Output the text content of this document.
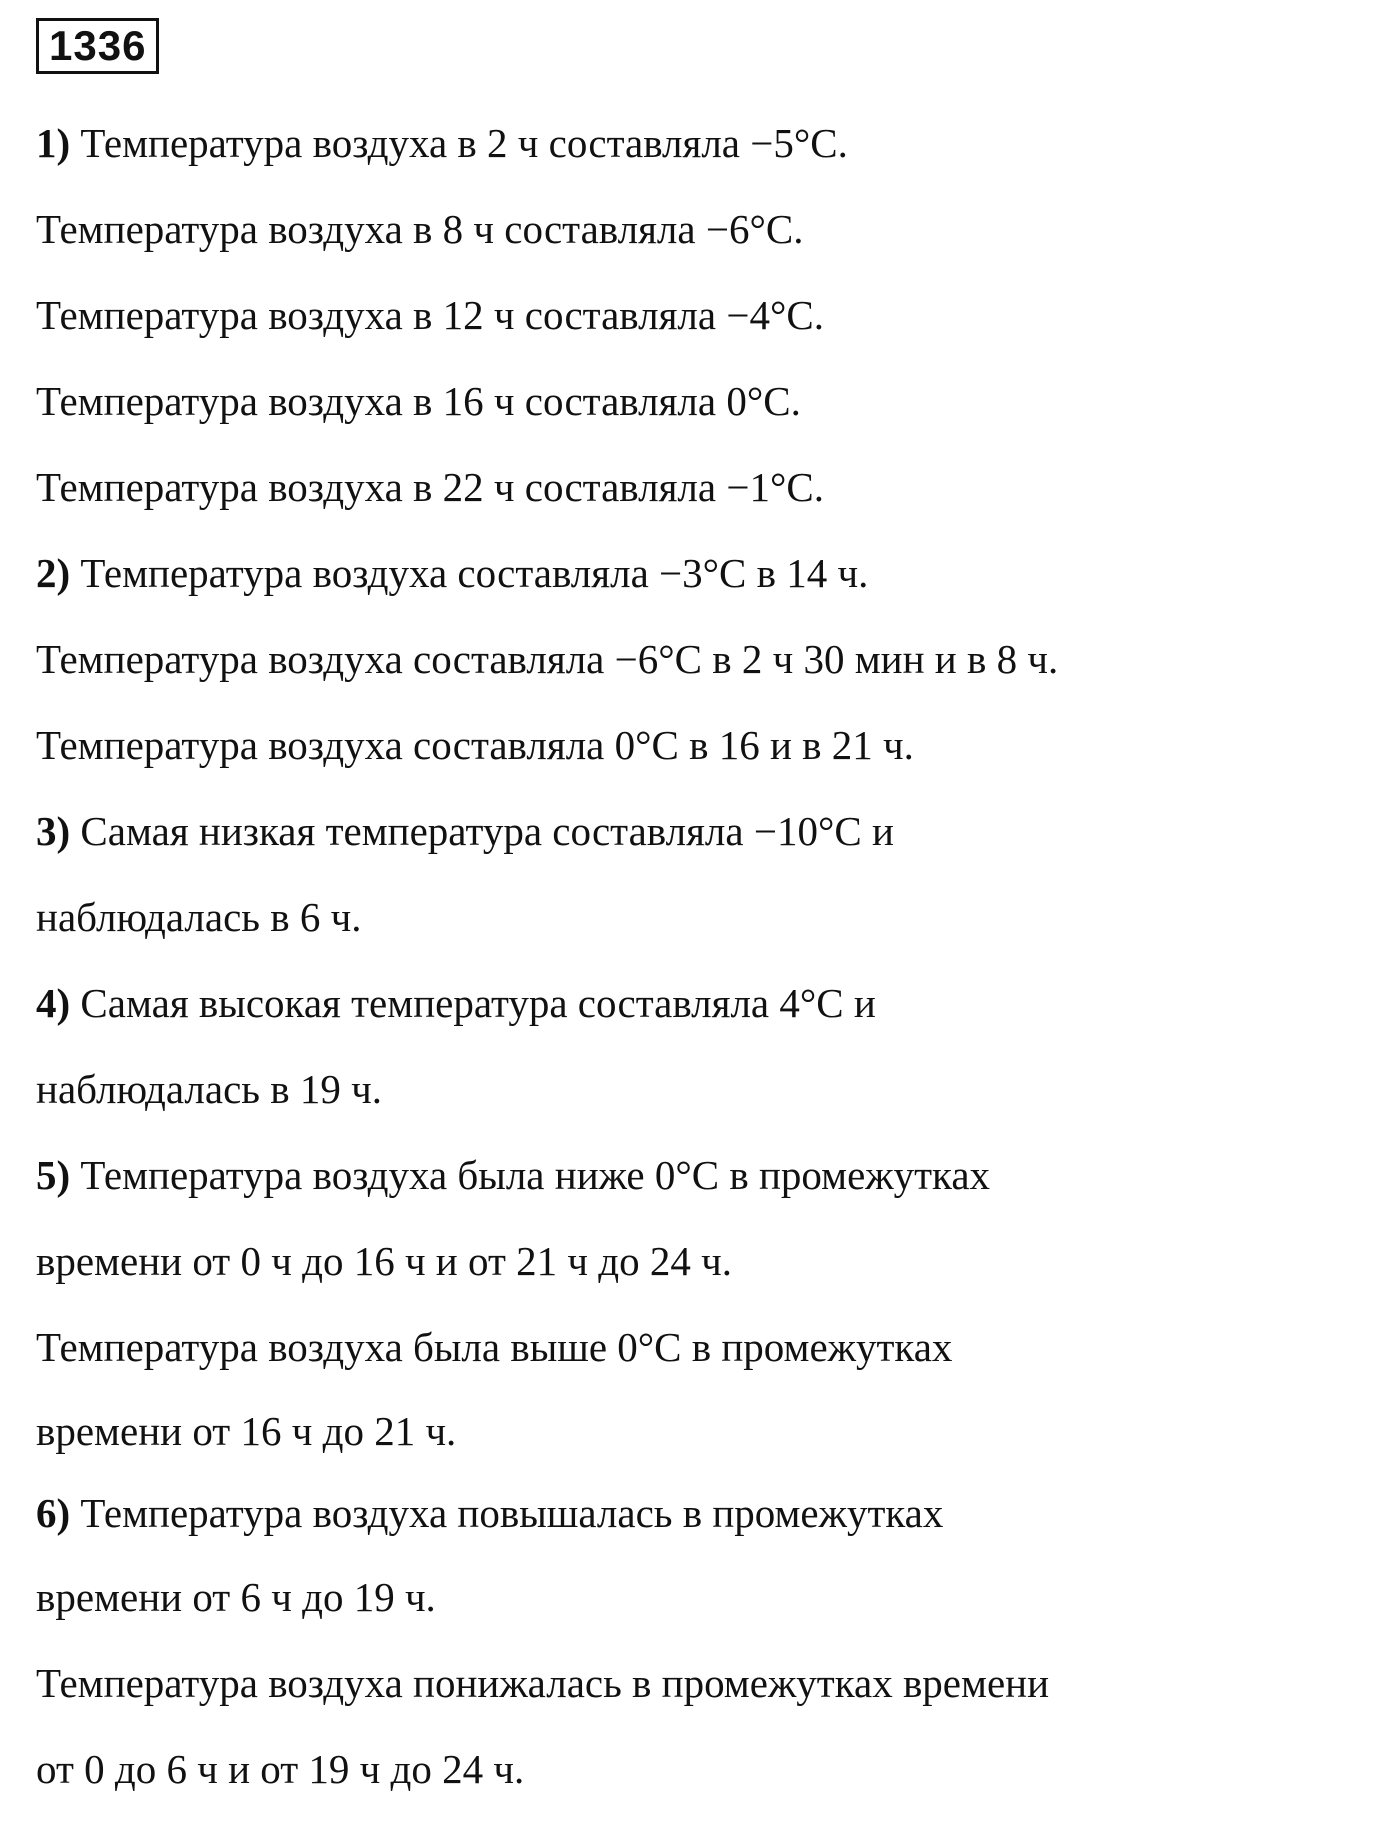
1336
1) Температура воздуха в 2 ч составляла −5°С.
Температура воздуха в 8 ч составляла −6°С.
Температура воздуха в 12 ч составляла −4°С.
Температура воздуха в 16 ч составляла 0°С.
Температура воздуха в 22 ч составляла −1°С.
2) Температура воздуха составляла −3°С в 14 ч.
Температура воздуха составляла −6°С в 2 ч 30 мин и в 8 ч.
Температура воздуха составляла 0°С в 16 и в 21 ч.
3) Самая низкая температура составляла −10°С и
наблюдалась в 6 ч.
4) Самая высокая температура составляла 4°С и
наблюдалась в 19 ч.
5) Температура воздуха была ниже 0°С в промежутках
времени от 0 ч до 16 ч и от 21 ч до 24 ч.
Температура воздуха была выше 0°С в промежутках
времени от 16 ч до 21 ч.
6) Температура воздуха повышалась в промежутках
времени от 6 ч до 19 ч.
Температура воздуха понижалась в промежутках времени
от 0 до 6 ч и от 19 ч до 24 ч.
